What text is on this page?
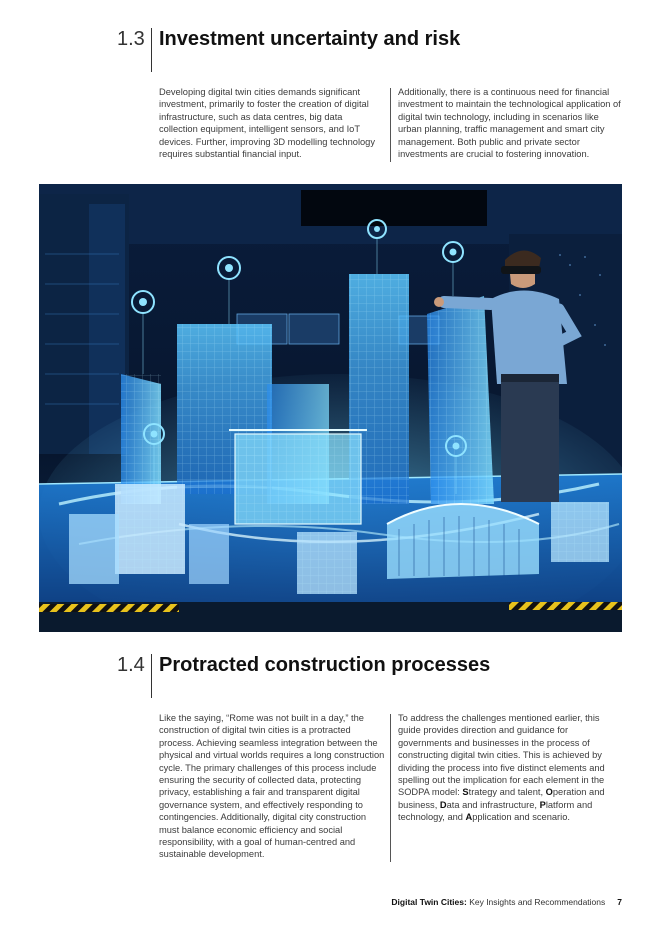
1.3 Investment uncertainty and risk

Developing digital twin cities demands significant investment, primarily to foster the creation of digital infrastructure, such as data centres, big data collection equipment, intelligent sensors, and IoT devices. Further, improving 3D modelling technology requires substantial financial input.

Additionally, there is a continuous need for financial investment to maintain the technological application of digital twin technology, including in scenarios like urban planning, traffic management and smart city management. Both public and private sector investments are crucial to fostering innovation.

1.4 Protracted construction processes

Like the saying, “Rome was not built in a day,” the construction of digital twin cities is a protracted process. Achieving seamless integration between the physical and virtual worlds requires a long construction cycle. The primary challenges of this process include ensuring the security of collected data, protecting privacy, establishing a fair and transparent digital governance system, and effectively responding to contingencies. Additionally, digital city construction must balance economic efficiency and social responsibility, with a goal of human-centred and sustainable development.

To address the challenges mentioned earlier, this guide provides direction and guidance for governments and businesses in the process of constructing digital twin cities. This is achieved by dividing the process into five distinct elements and spelling out the implication for each element in the SODPA model: Strategy and talent, Operation and business, Data and infrastructure, Platform and technology, and Application and scenario.

Digital Twin Cities: Key Insights and Recommendations 7
